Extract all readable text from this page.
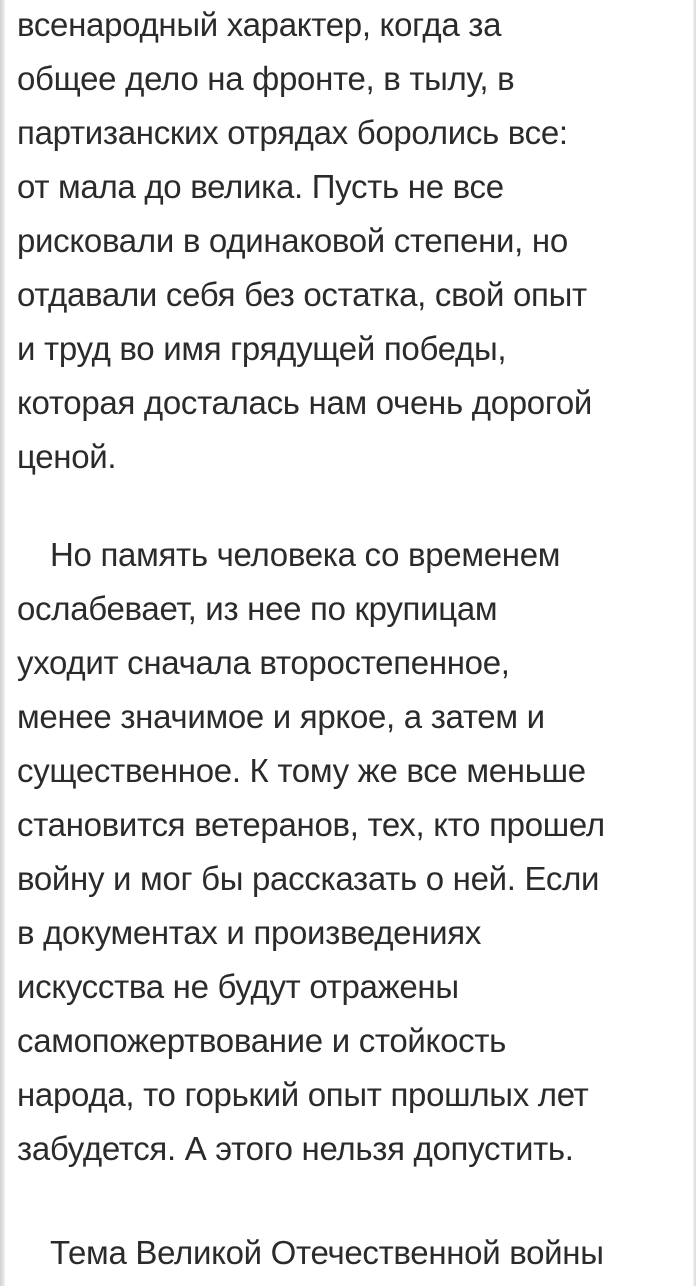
всенародный характер, когда за
общее дело на фронте, в тылу, в
партизанских отрядах боролись все:
от мала до велика. Пусть не все
рисковали в одинаковой степени, но
отдавали себя без остатка, свой опыт
и труд во имя грядущей победы,
которая досталась нам очень дорогой
ценой.
Но память человека со временем
ослабевает, из нее по крупицам
уходит сначала второстепенное,
менее значимое и яркое, а затем и
существенное. К тому же все меньше
становится ветеранов, тех, кто прошел
войну и мог бы рассказать о ней. Если
в документах и произведениях
искусства не будут отражены
самопожертвование и стойкость
народа, то горький опыт прошлых лет
забудется. А этого нельзя допустить.
Тема Великой Отечественной войны
